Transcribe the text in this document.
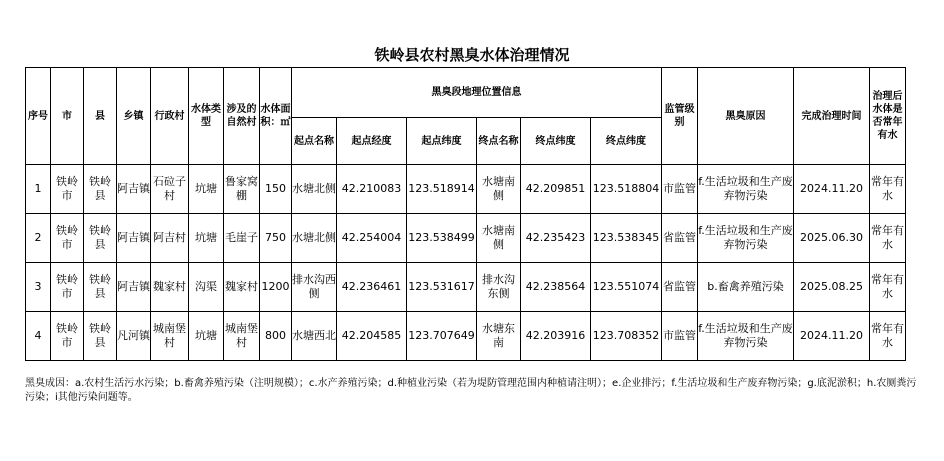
铁岭县农村黑臭水体治理情况
序号	市	县	乡镇	行政村	水体类型	涉及的自然村	水体面积：㎡	黑臭段地理位置信息						监管级别	黑臭原因	完成治理时间	治理后水体是否常年有水
								起点名称	起点经度	起点纬度	终点名称	终点纬度	终点纬度				
1	铁岭市	铁岭县	阿吉镇	石砬子村	坑塘	鲁家窝棚	150	水塘北侧	42.210083	123.518914	水塘南侧	42.209851	123.518804	市监管	f.生活垃圾和生产废弃物污染	2024.11.20	常年有水
2	铁岭市	铁岭县	阿吉镇	阿吉村	坑塘	毛崖子	750	水塘北侧	42.254004	123.538499	水塘南侧	42.235423	123.538345	省监管	f.生活垃圾和生产废弃物污染	2025.06.30	常年有水
3	铁岭市	铁岭县	阿吉镇	魏家村	沟渠	魏家村	1200	排水沟西侧	42.236461	123.531617	排水沟东侧	42.238564	123.551074	省监管	b.畜禽养殖污染	2025.08.25	常年有水
4	铁岭市	铁岭县	凡河镇	城南堡村	坑塘	城南堡村	800	水塘西北	42.204585	123.707649	水塘东南	42.203916	123.708352	市监管	f.生活垃圾和生产废弃物污染	2024.11.20	常年有水
黑臭成因：a.农村生活污水污染；b.畜禽养殖污染（注明规模）；c.水产养殖污染；d.种植业污染（若为堤防管理范围内种植请注明）；e.企业排污；f.生活垃圾和生产废弃物污染；g.底泥淤积；h.农厕粪污污染；i其他污染问题等。
